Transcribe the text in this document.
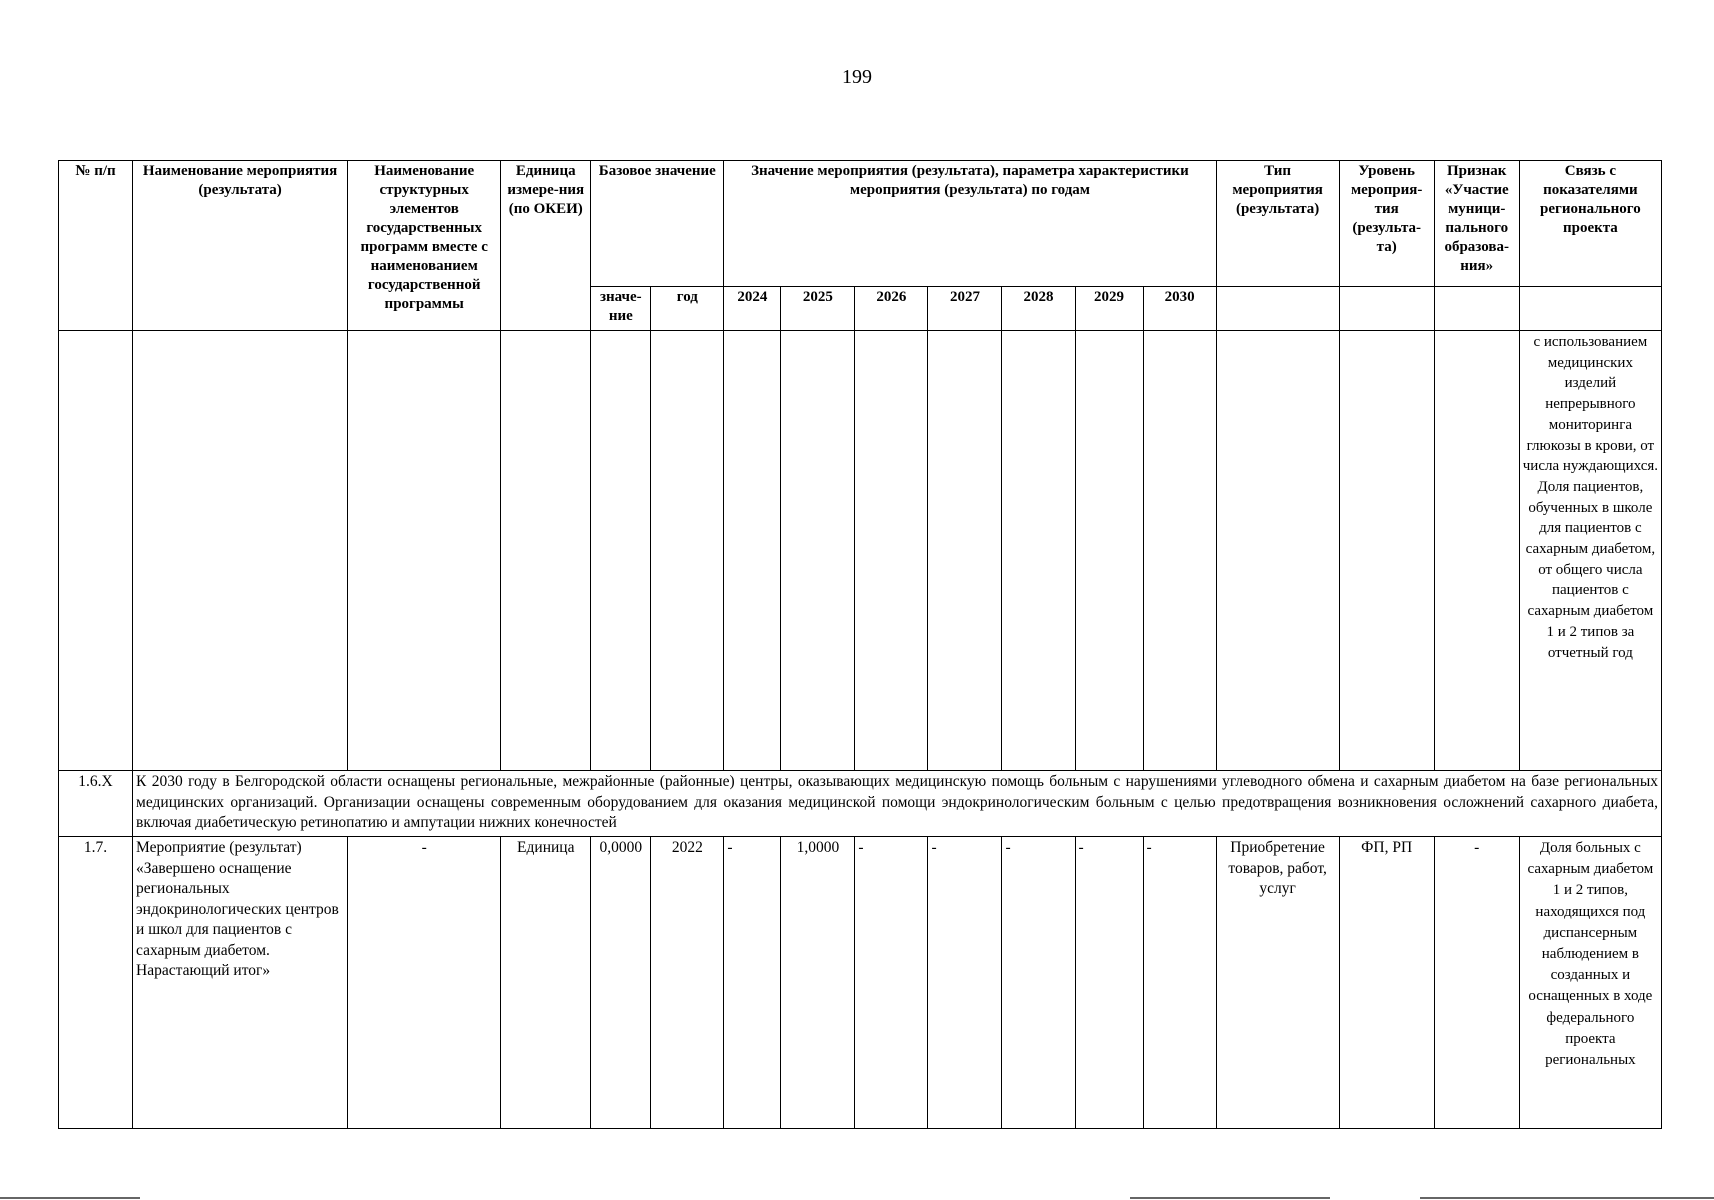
199
№ п/п	Наименование мероприятия (результата)	Наименование структурных элементов государственных программ вместе с наименованием государственной программы	Единица измере-ния (по ОКЕИ)	Базовое значение		Значение мероприятия (результата), параметра характеристики мероприятия (результата) по годам							Тип мероприятия (результата)	Уровень мероприя-тия (результа-та)	Признак «Участие муници-пального образова-ния»	Связь с показателями регионального проекта
				значе-ние	год	2024	2025	2026	2027	2028	2029	2030				
																с использованием медицинских изделий непрерывного мониторинга глюкозы в крови, от числа нуждающихся. Доля пациентов, обученных в школе для пациентов с сахарным диабетом, от общего числа пациентов с сахарным диабетом 1 и 2 типов за отчетный год
1.6.Х	К 2030 году в Белгородской области оснащены региональные, межрайонные (районные) центры, оказывающих медицинскую помощь больным с нарушениями углеводного обмена и сахарным диабетом на базе региональных медицинских организаций. Организации оснащены современным оборудованием для оказания медицинской помощи эндокринологическим больным с целью предотвращения возникновения осложнений сахарного диабета, включая диабетическую ретинопатию и ампутации нижних конечностей															
1.7.	Мероприятие (результат) «Завершено оснащение региональных эндокринологических центров и школ для пациентов с сахарным диабетом. Нарастающий итог»	-	Единица	0,0000	2022	-	1,0000	-	-	-	-	-	Приобретение товаров, работ, услуг	ФП, РП	-	Доля больных с сахарным диабетом 1 и 2 типов, находящихся под диспансерным наблюдением в созданных и оснащенных в ходе федерального проекта региональных
